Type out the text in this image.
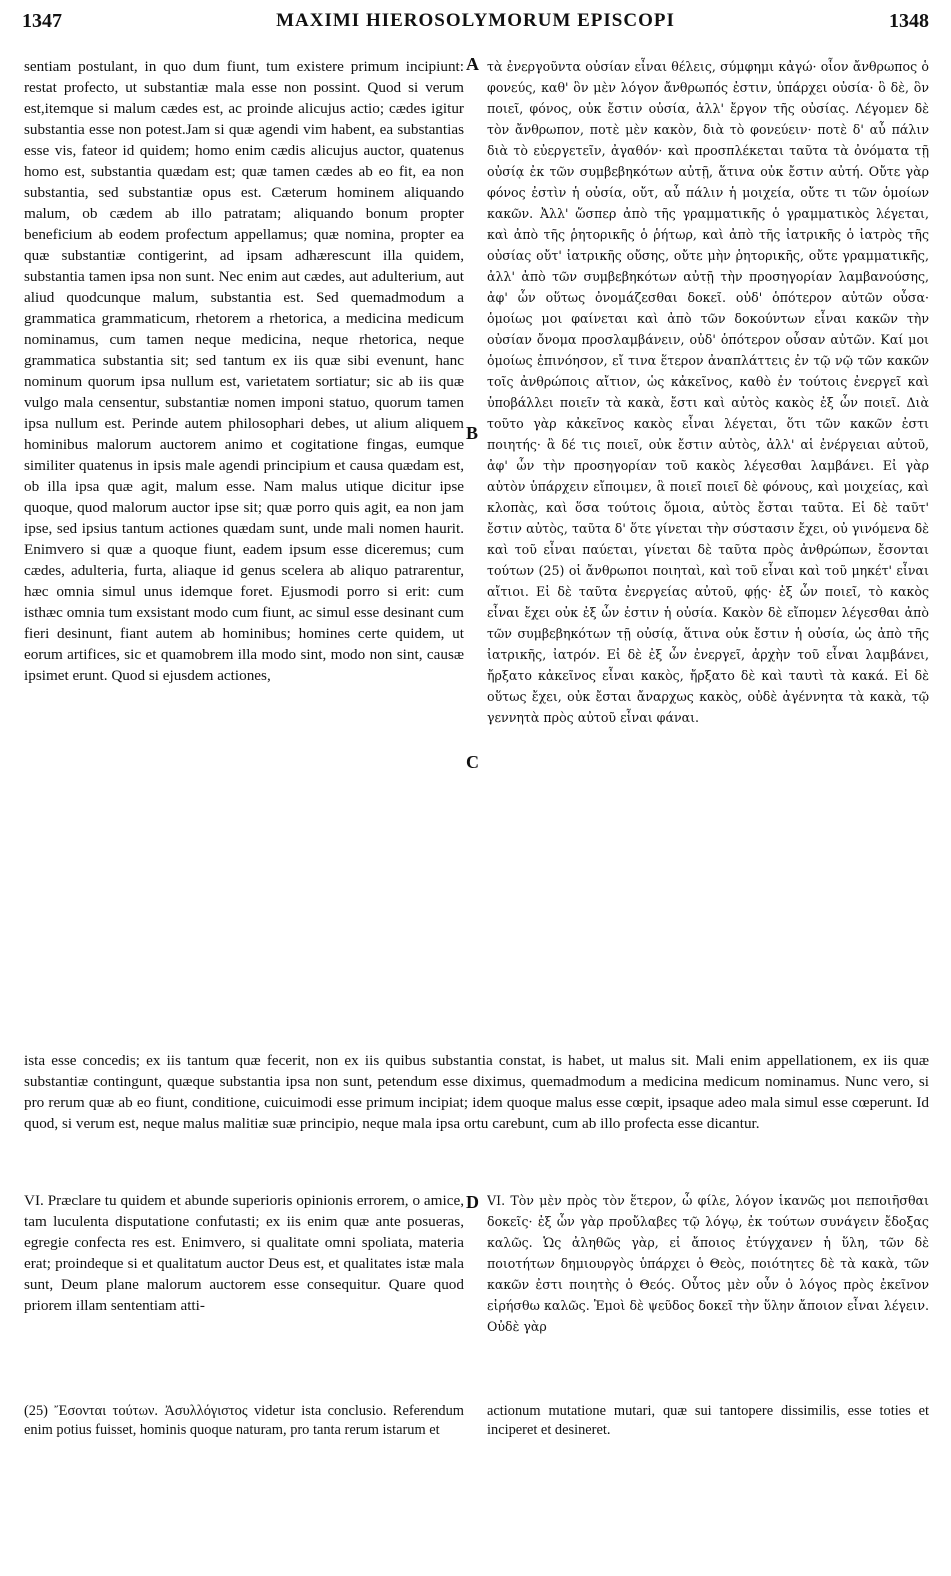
1347	MAXIMI HIEROSOLYMORUM EPISCOPI	1348

sentiam postulant, in quo dum fiunt, tum existere primum incipiunt: restat profecto, ut substantiæ mala esse non possint. Quod si verum est,itemque si malum cædes est, ac proinde alicujus actio; cædes igitur substantia esse non potest.Jam si quæ agendi vim habent, ea substantias esse vis, fateor id quidem; homo enim cædis alicujus auctor, quatenus homo est, substantia quædam est; quæ tamen cædes ab eo fit, ea non substantia, sed substantiæ opus est. Cæterum hominem aliquando malum, ob cædem ab illo patratam; aliquando bonum propter beneficium ab eodem profectum appellamus; quæ nomina, propter ea quæ substantiæ contigerint, ad ipsam adhærescunt illa quidem, substantia tamen ipsa non sunt. Nec enim aut cædes, aut adulterium, aut aliud quodcunque malum, substantia est. Sed quemadmodum a grammatica grammaticum, rhetorem a rhetorica, a medicina medicum nominamus, cum tamen neque medicina, neque rhetorica, neque grammatica substantia sit; sed tantum ex iis quæ sibi evenunt, hanc nominum quorum ipsa nullum est, varietatem sortiatur; sic ab iis quæ vulgo mala censentur, substantiæ nomen imponi statuo, quorum tamen ipsa nullum est. Perinde autem philosophari debes, ut alium aliquem hominibus malorum auctorem animo et cogitatione fingas, eumque similiter quatenus in ipsis male agendi principium et causa quædam est, ob illa ipsa quæ agit, malum esse. Nam malus utique dicitur ipse quoque, quod malorum auctor ipse sit; quæ porro quis agit, ea non jam ipse, sed ipsius tantum actiones quædam sunt, unde mali nomen haurit. Enimvero si quæ a quoque fiunt, eadem ipsum esse diceremus; cum cædes, adulteria, furta, aliaque id genus scelera ab aliquo patrarentur, hæc omnia simul unus idemque foret. Ejusmodi porro si erit: cum isthæc omnia tum exsistant modo cum fiunt, ac simul esse desinant cum fieri desinunt, fiant autem ab hominibus; homines certe quidem, ut eorum artifices, sic et quamobrem illa modo sint, modo non sint, causæ ipsimet erunt. Quod si ejusdem actiones,

A
B
C

τὰ ἐνεργοῦντα οὐσίαν εἶναι θέλεις, σύμφημι κἀγώ· οἷον ἄνθρωπος ὁ φονεύς, καθ' ὃν μὲν λόγον ἄνθρωπός ἐστιν, ὑπάρχει οὐσία· ὃ δὲ, ὃν ποιεῖ, φόνος, οὐκ ἔστιν οὐσία, ἀλλ' ἔργον τῆς οὐσίας. Λέγομεν δὲ τὸν ἄνθρωπον, ποτὲ μὲν κακὸν, διὰ τὸ φονεύειν· ποτὲ δ' αὖ πάλιν διὰ τὸ εὐεργετεῖν, ἀγαθόν· καὶ προσπλέκεται ταῦτα τὰ ὀνόματα τῇ οὐσίᾳ ἐκ τῶν συμβεβηκότων αὐτῇ, ἅτινα οὐκ ἔστιν αὐτή. Οὔτε γὰρ φόνος ἐστὶν ἡ οὐσία, οὔτ, αὖ πάλιν ἡ μοιχεία, οὔτε τι τῶν ὁμοίων κακῶν. Ἀλλ' ὥσπερ ἀπὸ τῆς γραμματικῆς ὁ γραμματικὸς λέγεται, καὶ ἀπὸ τῆς ῥητορικῆς ὁ ῥήτωρ, καὶ ἀπὸ τῆς ἰατρικῆς ὁ ἰατρὸς τῆς οὐσίας οὔτ' ἰατρικῆς οὔσης, οὔτε μὴν ῥητορικῆς, οὔτε γραμματικῆς, ἀλλ' ἀπὸ τῶν συμβεβηκότων αὐτῇ τὴν προσηγορίαν λαμβανούσης, ἀφ' ὧν οὕτως ὀνομάζεσθαι δοκεῖ. οὐδ' ὁπότερον αὐτῶν οὖσα· ὁμοίως μοι φαίνεται καὶ ἀπὸ τῶν δοκούντων εἶναι κακῶν τὴν οὐσίαν ὄνομα προσλαμβάνειν, οὐδ' ὁπότερον οὖσαν αὐτῶν. Καί μοι ὁμοίως ἐπινόησον, εἴ τινα ἕτερον ἀναπλάττεις ἐν τῷ νῷ τῶν κακῶν τοῖς ἀνθρώποις αἴτιον, ὡς κἀκεῖνος, καθὸ ἐν τούτοις ἐνεργεῖ καὶ ὑποβάλλει ποιεῖν τὰ κακὰ, ἔστι καὶ αὐτὸς κακὸς ἐξ ὧν ποιεῖ. Διὰ τοῦτο γὰρ κἀκεῖνος κακὸς εἶναι λέγεται, ὅτι τῶν κακῶν ἐστι ποιητής· ἃ δέ τις ποιεῖ, οὐκ ἔστιν αὐτὸς, ἀλλ' αἱ ἐνέργειαι αὐτοῦ, ἀφ' ὧν τὴν προσηγορίαν τοῦ κακὸς λέγεσθαι λαμβάνει. Εἰ γὰρ αὐτὸν ὑπάρχειν εἴποιμεν, ἃ ποιεῖ ποιεῖ δὲ φόνους, καὶ μοιχείας, καὶ κλοπὰς, καὶ ὅσα τούτοις ὅμοια, αὐτὸς ἔσται ταῦτα. Εἰ δὲ ταῦτ' ἔστιν αὐτὸς, ταῦτα δ' ὅτε γίνεται τὴν σύστασιν ἔχει, οὐ γινόμενα δὲ καὶ τοῦ εἶναι παύεται, γίνεται δὲ ταῦτα πρὸς ἀνθρώπων, ἔσονται τούτων (25) οἱ ἄνθρωποι ποιηταὶ, καὶ τοῦ εἶναι καὶ τοῦ μηκέτ' εἶναι αἴτιοι. Εἰ δὲ ταῦτα ἐνεργείας αὐτοῦ, φῄς· ἐξ ὧν ποιεῖ, τὸ κακὸς εἶναι ἔχει οὐκ ἐξ ὧν ἐστιν ἡ οὐσία. Κακὸν δὲ εἴπομεν λέγεσθαι ἀπὸ τῶν συμβεβηκότων τῇ οὐσίᾳ, ἅτινα οὐκ ἔστιν ἡ οὐσία, ὡς ἀπὸ τῆς ἰατρικῆς, ἰατρόν. Εἰ δὲ ἐξ ὧν ἐνεργεῖ, ἀρχὴν τοῦ εἶναι λαμβάνει, ἤρξατο κἀκεῖνος εἶναι κακὸς, ἤρξατο δὲ καὶ ταυτὶ τὰ κακά. Εἰ δὲ οὕτως ἔχει, οὐκ ἔσται ἄναρχως κακὸς, οὐδὲ ἀγέννητα τὰ κακὰ, τῷ γεννητὰ πρὸς αὐτοῦ εἶναι φάναι.

ista esse concedis; ex iis tantum quæ fecerit, non ex iis quibus substantia constat, is habet, ut malus sit. Mali enim appellationem, ex iis quæ substantiæ contingunt, quæque substantia ipsa non sunt, petendum esse diximus, quemadmodum a medicina medicum nominamus. Nunc vero, si pro rerum quæ ab eo fiunt, conditione, cuicuimodi esse primum incipiat; idem quoque malus esse cœpit, ipsaque adeo mala simul esse cœperunt. Id quod, si verum est, neque malus malitiæ suæ principio, neque mala ipsa ortu carebunt, cum ab illo profecta esse dicantur.

D

VI. Præclare tu quidem et abunde superioris opinionis errorem, o amice, tam luculenta disputatione confutasti; ex iis enim quæ ante posueras, egregie confecta res est. Enimvero, si qualitate omni spoliata, materia erat; proindeque si et qualitatum auctor Deus est, et qualitates istæ mala sunt, Deum plane malorum auctorem esse consequitur. Quare quod priorem illam sententiam atti-

VI. Τὸν μὲν πρὸς τὸν ἕτερον, ὦ φίλε, λόγον ἱκανῶς μοι πεποιῆσθαι δοκεῖς· ἐξ ὧν γὰρ προὔλαβες τῷ λόγῳ, ἐκ τούτων συνάγειν ἔδοξας καλῶς. Ὡς ἀληθῶς γὰρ, εἰ ἄποιος ἐτύγχανεν ἡ ὕλη, τῶν δὲ ποιοτήτων δημιουργὸς ὑπάρχει ὁ Θεὸς, ποιότητες δὲ τὰ κακὰ, τῶν κακῶν ἐστι ποιητὴς ὁ Θεός. Οὗτος μὲν οὖν ὁ λόγος πρὸς ἐκεῖνον εἰρήσθω καλῶς. Ἐμοὶ δὲ ψεῦδος δοκεῖ τὴν ὕλην ἄποιον εἶναι λέγειν. Οὐδὲ γὰρ

(25) Ἔσονται τούτων. Ἀσυλλόγιστος videtur ista conclusio. Referendum enim potius fuisset, hominis quoque naturam, pro tanta rerum istarum et

actionum mutatione mutari, quæ sui tantopere dissimilis, esse toties et inciperet et desineret.
